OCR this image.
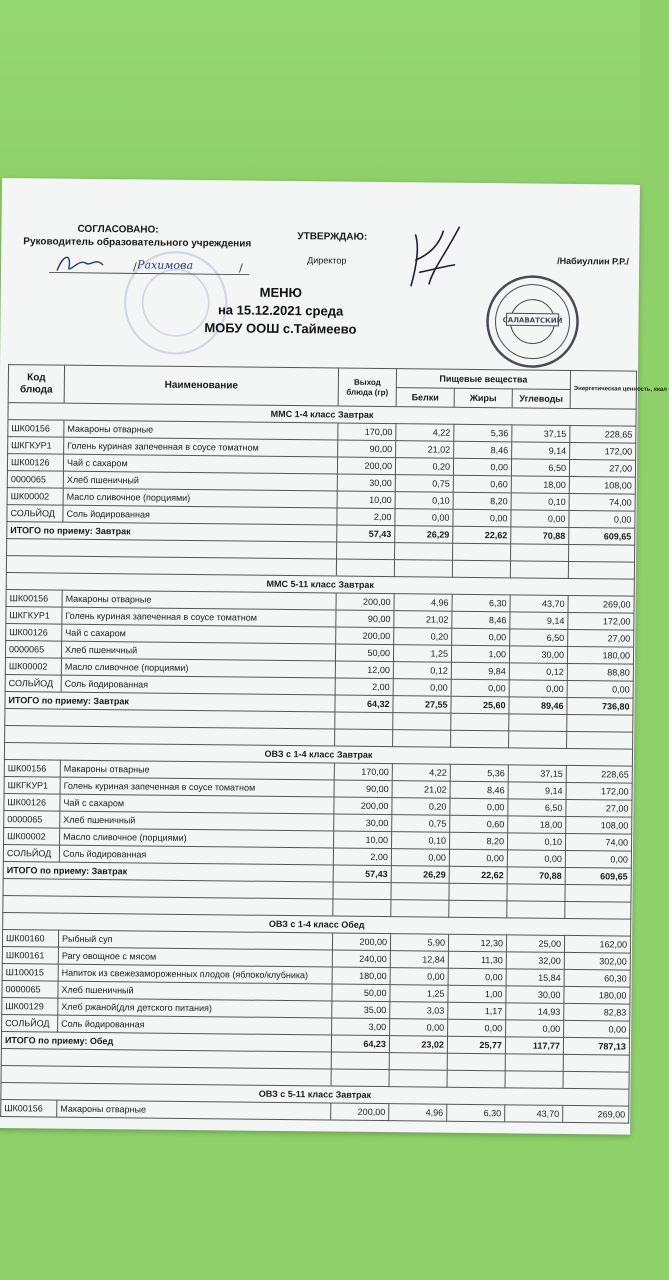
СОГЛАСОВАНО:
Руководитель образовательного учреждения	УТВЕРЖДАЮ:
Директор	/Набиуллин Р.Р./
/ Рахимова	/
САЛАВАТСКИЙ
МЕНЮ
на 15.12.2021 среда
МОБУ ООШ с.Таймеево
Код блюда	Наименование	Выход блюда (гр)	Пищевые вещества			Энергетическая ценность, ккал
			Белки	Жиры	Углеводы	
ММС 1-4 класс Завтрак						
ШК00156	Макароны отварные	170,00	4,22	5,36	37,15	228,65
ШКГКУР1	Голень куриная запеченная в соусе томатном	90,00	21,02	8,46	9,14	172,00
ШК00126	Чай с сахаром	200,00	0,20	0,00	6,50	27,00
0000065	Хлеб пшеничный	30,00	0,75	0,60	18,00	108,00
ШК00002	Масло сливочное (порциями)	10,00	0,10	8,20	0,10	74,00
СОЛЬЙОД	Соль йодированная	2,00	0,00	0,00	0,00	0,00
ИТОГО по приему: Завтрак		57,43	26,29	22,62	70,88	609,65

ММС 5-11 класс Завтрак						
ШК00156	Макароны отварные	200,00	4,96	6,30	43,70	269,00
ШКГКУР1	Голень куриная запеченная в соусе томатном	90,00	21,02	8,46	9,14	172,00
ШК00126	Чай с сахаром	200,00	0,20	0,00	6,50	27,00
0000065	Хлеб пшеничный	50,00	1,25	1,00	30,00	180,00
ШК00002	Масло сливочное (порциями)	12,00	0,12	9,84	0,12	88,80
СОЛЬЙОД	Соль йодированная	2,00	0,00	0,00	0,00	0,00
ИТОГО по приему: Завтрак		64,32	27,55	25,60	89,46	736,80

ОВЗ с 1-4 класс Завтрак						
ШК00156	Макароны отварные	170,00	4,22	5,36	37,15	228,65
ШКГКУР1	Голень куриная запеченная в соусе томатном	90,00	21,02	8,46	9,14	172,00
ШК00126	Чай с сахаром	200,00	0,20	0,00	6,50	27,00
0000065	Хлеб пшеничный	30,00	0,75	0,60	18,00	108,00
ШК00002	Масло сливочное (порциями)	10,00	0,10	8,20	0,10	74,00
СОЛЬЙОД	Соль йодированная	2,00	0,00	0,00	0,00	0,00
ИТОГО по приему: Завтрак		57,43	26,29	22,62	70,88	609,65

ОВЗ с 1-4 класс Обед						
ШК00160	Рыбный суп	200,00	5,90	12,30	25,00	162,00
ШК00161	Рагу овощное с мясом	240,00	12,84	11,30	32,00	302,00
Ш100015	Напиток из свежезамороженных плодов (яблоко/клубника)	180,00	0,00	0,00	15,84	60,30
0000065	Хлеб пшеничный	50,00	1,25	1,00	30,00	180,00
ШК00129	Хлеб ржаной(для детского питания)	35,00	3,03	1,17	14,93	82,83
СОЛЬЙОД	Соль йодированная	3,00	0,00	0,00	0,00	0,00
ИТОГО по приему: Обед		64,23	23,02	25,77	117,77	787,13

ОВЗ с 5-11 класс Завтрак						
ШК00156	Макароны отварные	200,00	4,96	6,30	43,70	269,00
